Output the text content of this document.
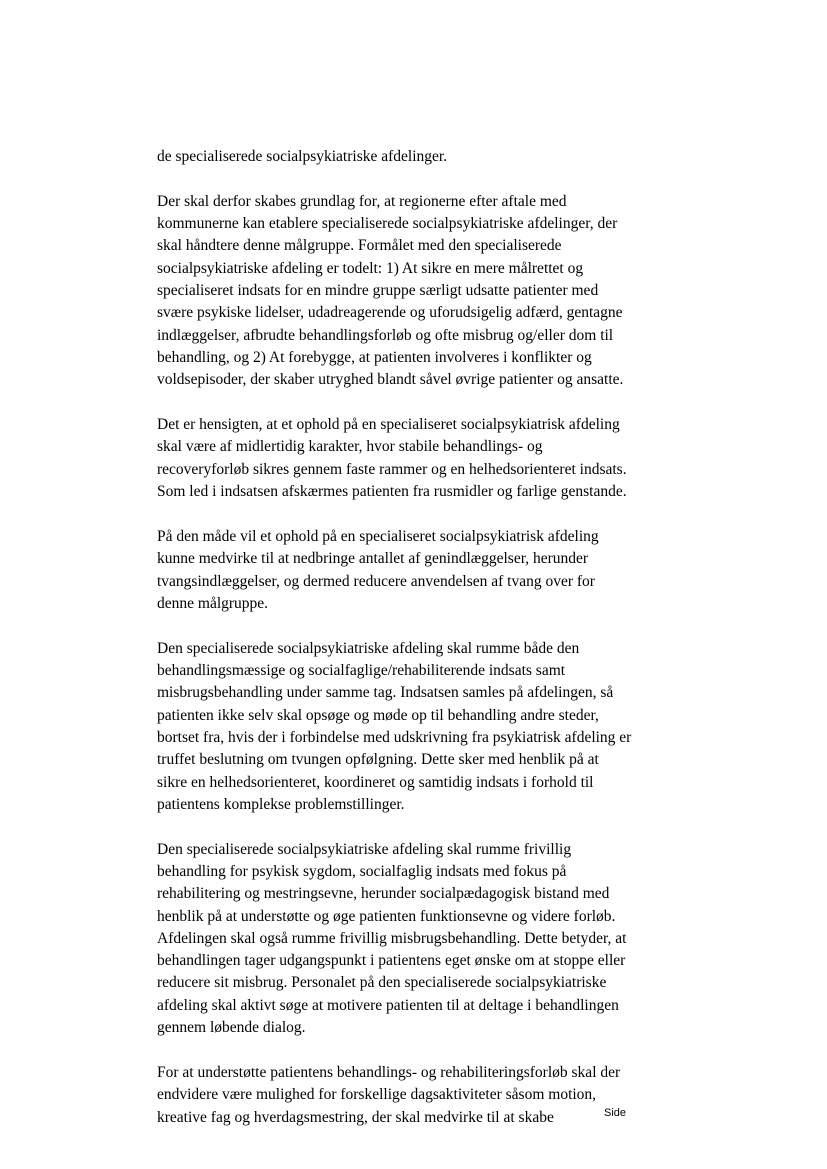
de specialiserede socialpsykiatriske afdelinger.
Der skal derfor skabes grundlag for, at regionerne efter aftale med
kommunerne kan etablere specialiserede socialpsykiatriske afdelinger, der
skal håndtere denne målgruppe. Formålet med den specialiserede
socialpsykiatriske afdeling er todelt: 1) At sikre en mere målrettet og
specialiseret indsats for en mindre gruppe særligt udsatte patienter med
svære psykiske lidelser, udadreagerende og uforudsigelig adfærd, gentagne
indlæggelser, afbrudte behandlingsforløb og ofte misbrug og/eller dom til
behandling, og 2) At forebygge, at patienten involveres i konflikter og
voldsepisoder, der skaber utryghed blandt såvel øvrige patienter og ansatte.
Det er hensigten, at et ophold på en specialiseret socialpsykiatrisk afdeling
skal være af midlertidig karakter, hvor stabile behandlings- og
recoveryforløb sikres gennem faste rammer og en helhedsorienteret indsats.
Som led i indsatsen afskærmes patienten fra rusmidler og farlige genstande.
På den måde vil et ophold på en specialiseret socialpsykiatrisk afdeling
kunne medvirke til at nedbringe antallet af genindlæggelser, herunder
tvangsindlæggelser, og dermed reducere anvendelsen af tvang over for
denne målgruppe.
Den specialiserede socialpsykiatriske afdeling skal rumme både den
behandlingsmæssige og socialfaglige/rehabiliterende indsats samt
misbrugsbehandling under samme tag. Indsatsen samles på afdelingen, så
patienten ikke selv skal opsøge og møde op til behandling andre steder,
bortset fra, hvis der i forbindelse med udskrivning fra psykiatrisk afdeling er
truffet beslutning om tvungen opfølgning. Dette sker med henblik på at
sikre en helhedsorienteret, koordineret og samtidig indsats i forhold til
patientens komplekse problemstillinger.
Den specialiserede socialpsykiatriske afdeling skal rumme frivillig
behandling for psykisk sygdom, socialfaglig indsats med fokus på
rehabilitering og mestringsevne, herunder socialpædagogisk bistand med
henblik på at understøtte og øge patienten funktionsevne og videre forløb.
Afdelingen skal også rumme frivillig misbrugsbehandling. Dette betyder, at
behandlingen tager udgangspunkt i patientens eget ønske om at stoppe eller
reducere sit misbrug. Personalet på den specialiserede socialpsykiatriske
afdeling skal aktivt søge at motivere patienten til at deltage i behandlingen
gennem løbende dialog.
For at understøtte patientens behandlings- og rehabiliteringsforløb skal der
endvidere være mulighed for forskellige dagsaktiviteter såsom motion,
kreative fag og hverdagsmestring, der skal medvirke til at skabe	Side
